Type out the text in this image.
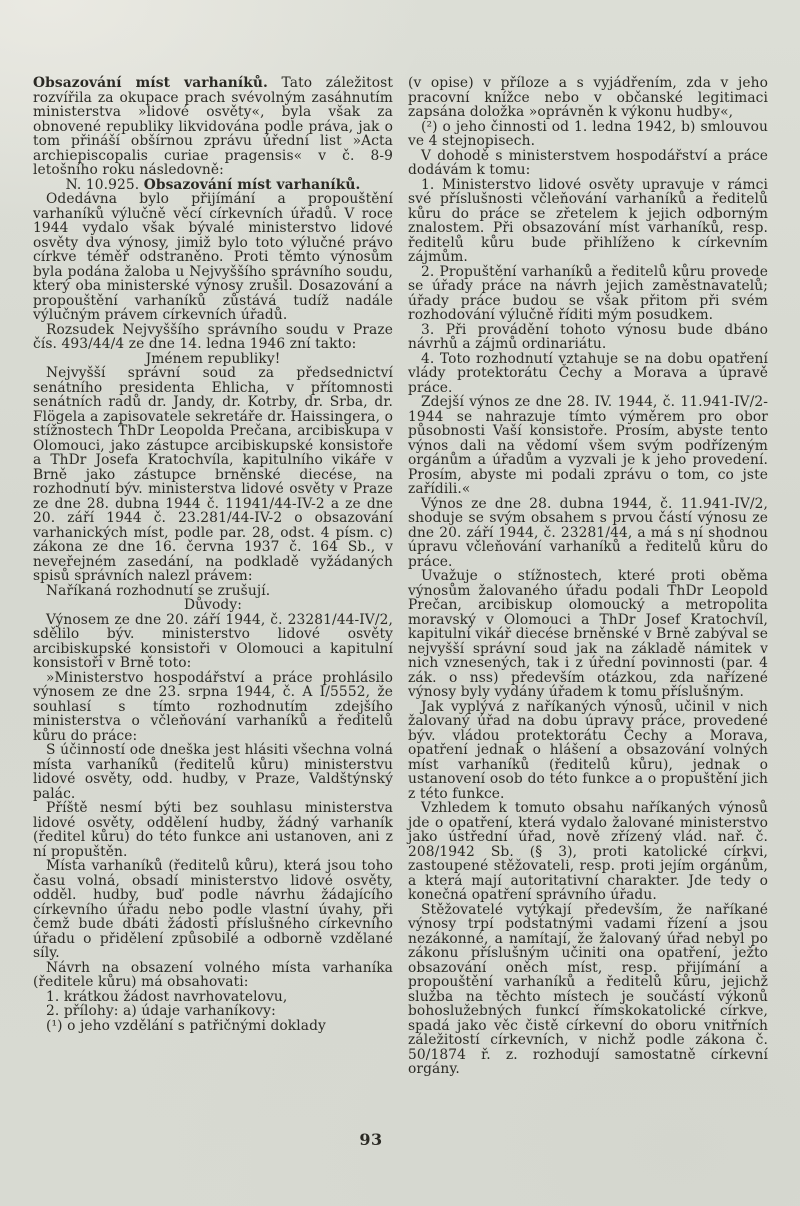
Obsazování míst varhaníků. Tato záležitost rozvířila za okupace prach svévolným zasáhnutím ministerstva »lidové osvěty«, byla však za obnovené republiky likvidována podle práva, jak o tom přináší obšírnou zprávu úřední list »Acta archiepiscopalis curiae pragensis« v č. 8-9 letošního roku následovně:

N. 10.925. Obsazování míst varhaníků.

Odedávna bylo přijímání a propouštění varhaníků výlučně věcí církevních úřadů. V roce 1944 vydalo však bývalé ministerstvo lidové osvěty dva výnosy, jimiž bylo toto výlučné právo církve téměř odstraněno. Proti těmto výnosům byla podána žaloba u Nejvyššího správního soudu, který oba ministerské výnosy zrušil. Dosazování a propouštění varhaníků zůstává tudíž nadále výlučným právem církevních úřadů.

Rozsudek Nejvyššího správního soudu v Praze čís. 493/44/4 ze dne 14. ledna 1946 zní takto:

Jménem republiky!

Nejvyšší správní soud za předsednictví senátního presidenta Ehlicha, v přítomnosti senátních radů dr. Jandy, dr. Kotrby, dr. Srba, dr. Flögela a zapisovatele sekretáře dr. Haissingera, o stížnostech ThDr Leopolda Prečana, arcibiskupa v Olomouci, jako zástupce arcibiskupské konsistoře a ThDr Josefa Kratochvíla, kapitulního vikáře v Brně jako zástupce brněnské diecése, na rozhodnutí býv. ministerstva lidové osvěty v Praze ze dne 28. dubna 1944 č. 11941/44-IV-2 a ze dne 20. září 1944 č. 23.281/44-IV-2 o obsazování varhanických míst, podle par. 28, odst. 4 písm. c) zákona ze dne 16. června 1937 č. 164 Sb., v neveřejném zasedání, na podkladě vyžádaných spisů správních nalezl právem:

Naříkaná rozhodnutí se zrušují.

Důvody:

Výnosem ze dne 20. září 1944, č. 23281/44-IV/2, sdělilo býv. ministerstvo lidové osvěty arcibiskupské konsistoři v Olomouci a kapitulní konsistoři v Brně toto:

»Ministerstvo hospodářství a práce prohlásilo výnosem ze dne 23. srpna 1944, č. A I/5552, že souhlasí s tímto rozhodnutím zdejšího ministerstva o včleňování varhaníků a ředitelů kůru do práce:

S účinností ode dneška jest hlásiti všechna volná místa varhaníků (ředitelů kůru) ministerstvu lidové osvěty, odd. hudby, v Praze, Valdštýnský palác.

Příště nesmí býti bez souhlasu ministerstva lidové osvěty, oddělení hudby, žádný varhaník (ředitel kůru) do této funkce ani ustanoven, ani z ní propuštěn.

Místa varhaníků (ředitelů kůru), která jsou toho času volná, obsadí ministerstvo lidové osvěty, odděl. hudby, buď podle návrhu žádajícího církevního úřadu nebo podle vlastní úvahy, při čemž bude dbáti žádosti příslušného církevního úřadu o přidělení způsobilé a odborně vzdělané síly.

Návrh na obsazení volného místa varhaníka (ředitele kůru) má obsahovati:

1. krátkou žádost navrhovatelovu,

2. přílohy: a) údaje varhaníkovy:

(¹) o jeho vzdělání s patřičnými doklady

(v opise) v příloze a s vyjádřením, zda v jeho pracovní knížce nebo v občanské legitimaci zapsána doložka »oprávněn k výkonu hudby«,

(²) o jeho činnosti od 1. ledna 1942, b) smlouvou ve 4 stejnopisech.

V dohodě s ministerstvem hospodářství a práce dodávám k tomu:

1. Ministerstvo lidové osvěty upravuje v rámci své příslušnosti včleňování varhaníků a ředitelů kůru do práce se zřetelem k jejich odborným znalostem. Při obsazování míst varhaníků, resp. ředitelů kůru bude přihlíženo k církevním zájmům.

2. Propuštění varhaníků a ředitelů kůru provede se úřady práce na návrh jejich zaměstnavatelů; úřady práce budou se však přitom při svém rozhodování výlučně říditi mým posudkem.

3. Při provádění tohoto výnosu bude dbáno návrhů a zájmů ordinariátu.

4. Toto rozhodnutí vztahuje se na dobu opatření vlády protektorátu Čechy a Morava a úpravě práce.

Zdejší výnos ze dne 28. IV. 1944, č. 11.941-IV/2-1944 se nahrazuje tímto výměrem pro obor působnosti Vaší konsistoře. Prosím, abyste tento výnos dali na vědomí všem svým podřízeným orgánům a úřadům a vyzvali je k jeho provedení. Prosím, abyste mi podali zprávu o tom, co jste zařídili.«

Výnos ze dne 28. dubna 1944, č. 11.941-IV/2, shoduje se svým obsahem s prvou částí výnosu ze dne 20. září 1944, č. 23281/44, a má s ní shodnou úpravu včleňování varhaníků a ředitelů kůru do práce.

Uvažuje o stížnostech, které proti oběma výnosům žalovaného úřadu podali ThDr Leopold Prečan, arcibiskup olomoucký a metropolita moravský v Olomouci a ThDr Josef Kratochvíl, kapitulní vikář diecése brněnské v Brně zabýval se nejvyšší správní soud jak na základě námitek v nich vznesených, tak i z úřední povinnosti (par. 4 zák. o nss) především otázkou, zda nařízené výnosy byly vydány úřadem k tomu příslušným.

Jak vyplývá z naříkaných výnosů, učinil v nich žalovaný úřad na dobu úpravy práce, provedené býv. vládou protektorátu Čechy a Morava, opatření jednak o hlášení a obsazování volných míst varhaníků (ředitelů kůru), jednak o ustanovení osob do této funkce a o propuštění jich z této funkce.

Vzhledem k tomuto obsahu naříkaných výnosů jde o opatření, která vydalo žalované ministerstvo jako ústřední úřad, nově zřízený vlád. nař. č. 208/1942 Sb. (§ 3), proti katolické církvi, zastoupené stěžovateli, resp. proti jejím orgánům, a která mají autoritativní charakter. Jde tedy o konečná opatření správního úřadu.

Stěžovatelé vytýkají především, že naříkané výnosy trpí podstatnými vadami řízení a jsou nezákonné, a namítají, že žalovaný úřad nebyl po zákonu příslušným učiniti ona opatření, ježto obsazování oněch míst, resp. přijímání a propouštění varhaníků a ředitelů kůru, jejichž služba na těchto místech je součástí výkonů bohoslužebných funkcí římskokatolické církve, spadá jako věc čistě církevní do oboru vnitřních záležitostí církevních, v nichž podle zákona č. 50/1874 ř. z. rozhodují samostatně církevní orgány.

93
